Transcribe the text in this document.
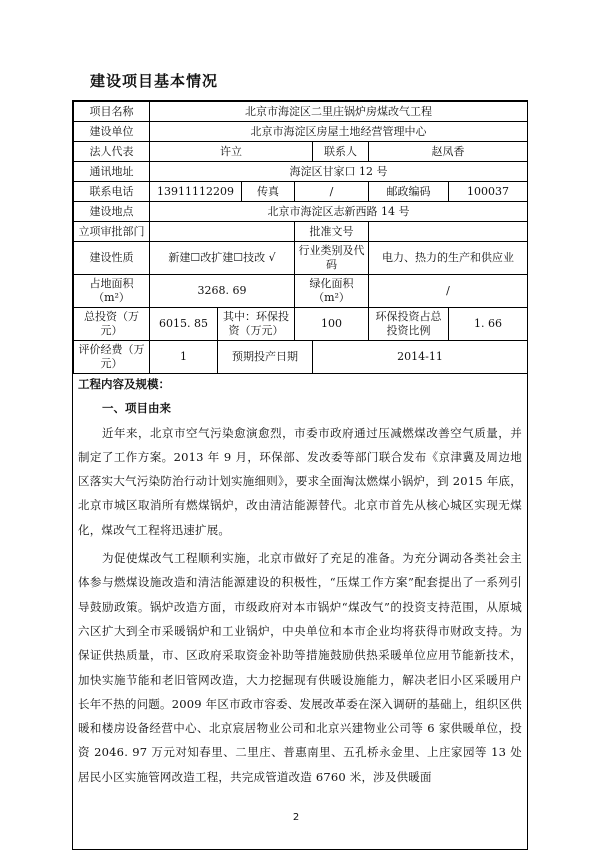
建设项目基本情况
项目名称	北京市海淀区二里庄锅炉房煤改气工程						
建设单位	北京市海淀区房屋土地经营管理中心						
法人代表	许立				联系人	赵凤香	
通讯地址	海淀区甘家口 12 号						
联系电话	13911112209		传真	/		邮政编码	100037
建设地点	北京市海淀区志新西路 14 号						
立项审批部门				批准文号			
建设性质	新建☐改扩建☐技改 √			行业类别及代码		电力、热力的生产和供应业	
占地面积（m²）	3268. 69			绿化面积（m²）		/	
总投资（万元）	6015. 85	其中：环保投资（万元）		100		环保投资占总投资比例	1. 66
评价经费（万元）	1	预期投产日期			2014-11		
工程内容及规模：
一、项目由来

近年来，北京市空气污染愈演愈烈，市委市政府通过压减燃煤改善空气质量，并制定了工作方案。2013 年 9 月，环保部、发改委等部门联合发布《京津冀及周边地区落实大气污染防治行动计划实施细则》，要求全面淘汰燃煤小锅炉，到 2015 年底，北京市城区取消所有燃煤锅炉，改由清洁能源替代。北京市首先从核心城区实现无煤化，煤改气工程将迅速扩展。

为促使煤改气工程顺利实施，北京市做好了充足的准备。为充分调动各类社会主体参与燃煤设施改造和清洁能源建设的积极性，“压煤工作方案”配套提出了一系列引导鼓励政策。锅炉改造方面，市级政府对本市锅炉“煤改气”的投资支持范围，从原城六区扩大到全市采暖锅炉和工业锅炉，中央单位和本市企业均将获得市财政支持。为保证供热质量，市、区政府采取资金补助等措施鼓励供热采暖单位应用节能新技术，加快实施节能和老旧管网改造，大力挖掘现有供暖设施能力，解决老旧小区采暖用户长年不热的问题。2009 年区市政市容委、发展改革委在深入调研的基础上，组织区供暖和楼房设备经营中心、北京宸居物业公司和北京兴建物业公司等 6 家供暖单位，投资 2046. 97 万元对知春里、二里庄、普惠南里、五孔桥永金里、上庄家园等 13 处居民小区实施管网改造工程，共完成管道改造 6760 米，涉及供暖面

2
